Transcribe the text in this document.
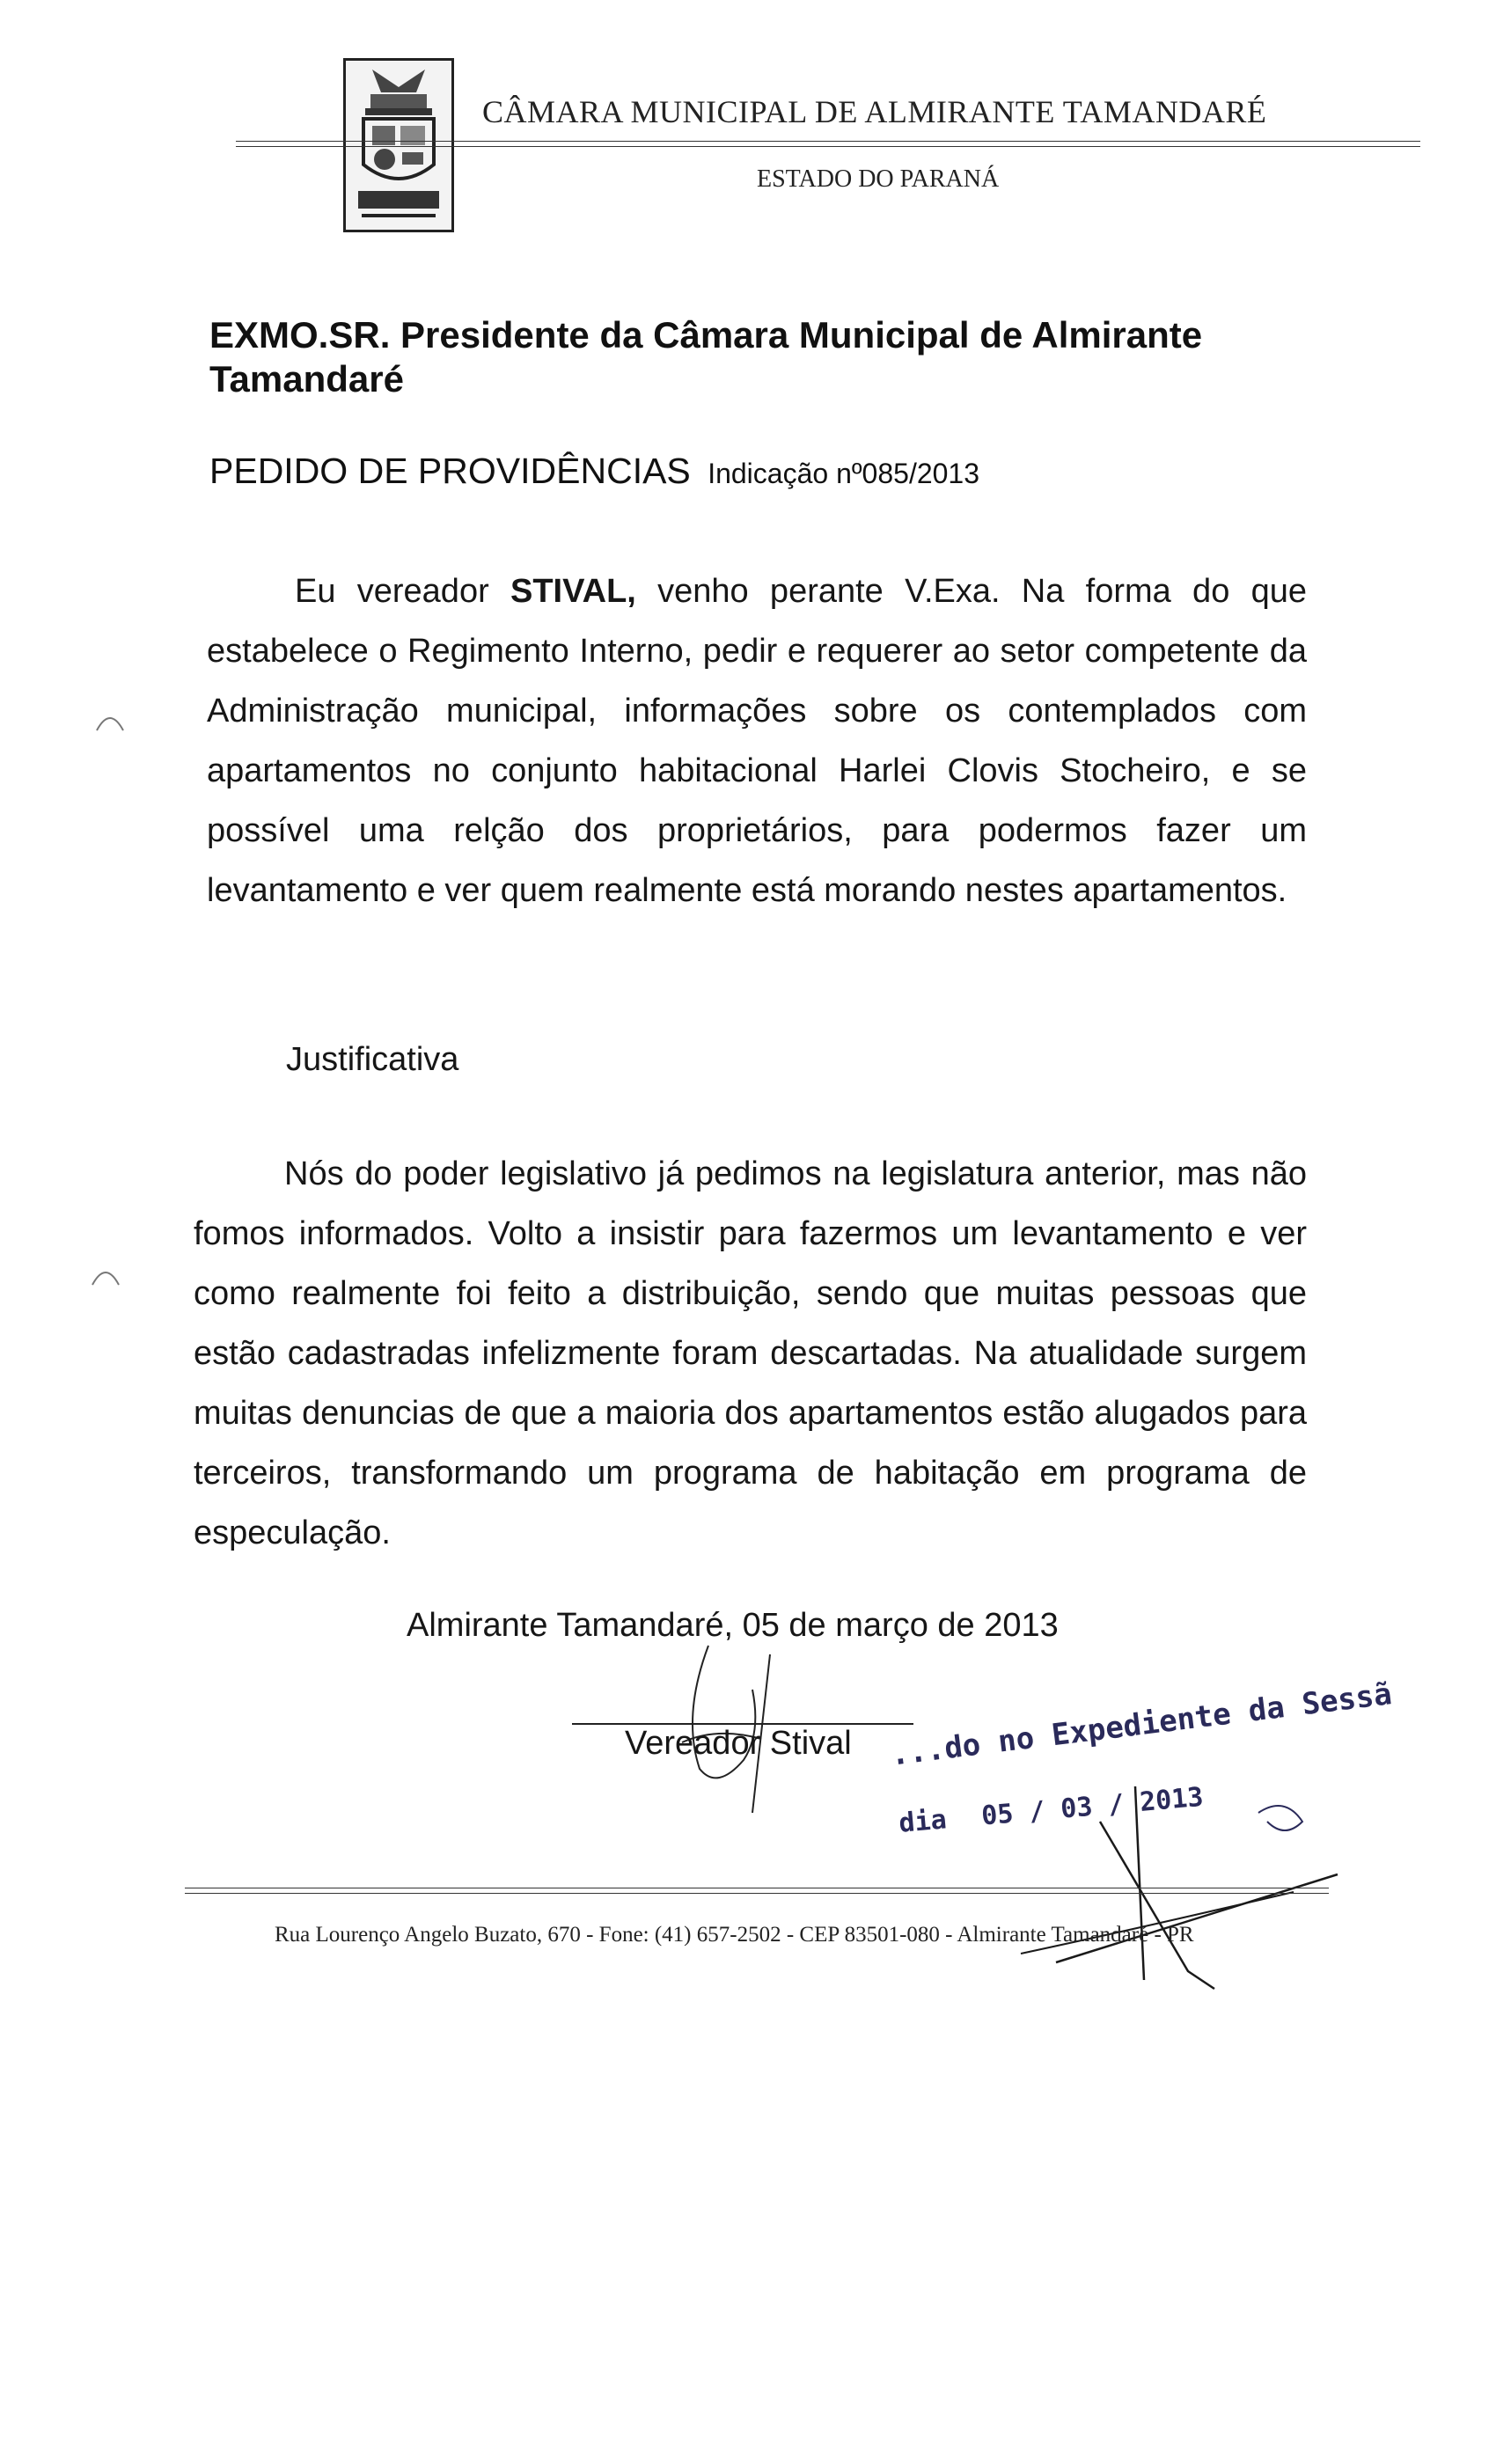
CÂMARA MUNICIPAL DE ALMIRANTE TAMANDARÉ
ESTADO DO PARANÁ
EXMO.SR. Presidente da Câmara Municipal de Almirante
Tamandaré
PEDIDO DE PROVIDÊNCIAS Indicação nº085/2013
Eu vereador STIVAL, venho perante V.Exa. Na forma do que estabelece o Regimento Interno, pedir e requerer ao setor competente da Administração municipal, informações sobre os contemplados com apartamentos no conjunto habitacional Harlei Clovis Stocheiro, e se possível uma relção dos proprietários, para podermos fazer um levantamento e ver quem realmente está morando nestes apartamentos.
Justificativa
Nós do poder legislativo já pedimos na legislatura anterior, mas não fomos informados. Volto a insistir para fazermos um levantamento e ver como realmente foi feito a distribuição, sendo que muitas pessoas que estão cadastradas infelizmente foram descartadas. Na atualidade surgem muitas denuncias de que a maioria dos apartamentos estão alugados para terceiros, transformando um programa de habitação em programa de especulação.
Almirante Tamandaré, 05 de março de 2013
Vereador Stival ...do no Expediente da Sessã
dia 05 / 03 / 2013
Rua Lourenço Angelo Buzato, 670 - Fone: (41) 657-2502 - CEP 83501-080 - Almirante Tamandaré - PR
